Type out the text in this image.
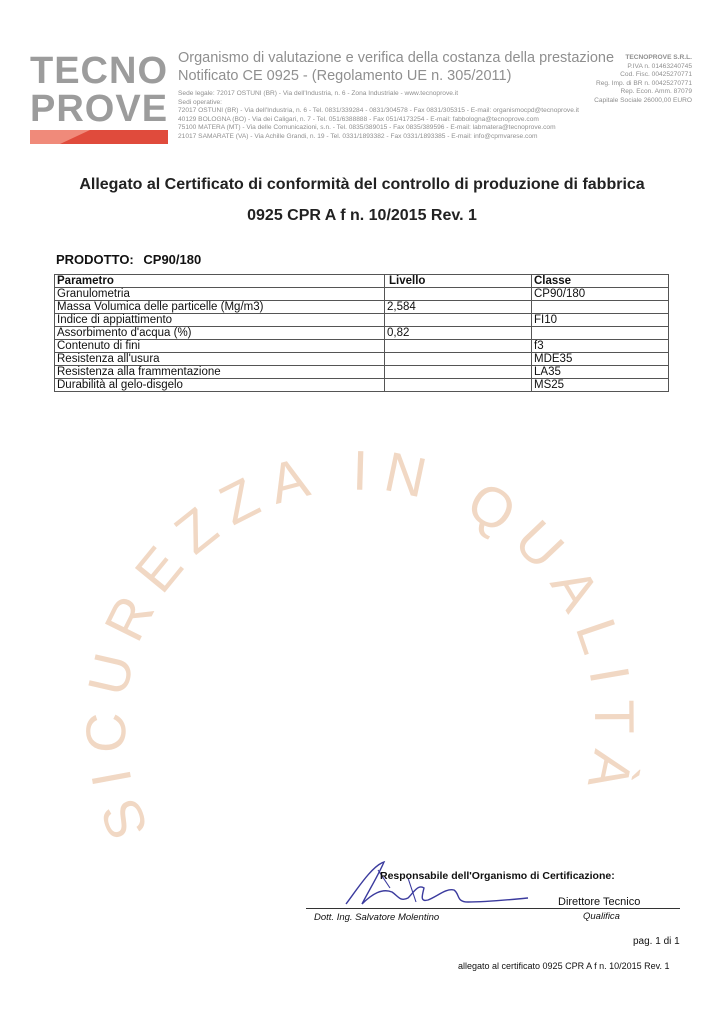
SICUREZZA IN QUALITÀ
TECNO
PROVE
Organismo di valutazione e verifica della costanza della prestazione
Notificato CE 0925 - (Regolamento UE n. 305/2011)
Sede legale: 72017 OSTUNI (BR) - Via dell'Industria, n. 6 - Zona Industriale - www.tecnoprove.it
Sedi operative:
72017 OSTUNI (BR) - Via dell'Industria, n. 6 - Tel. 0831/339284 - 0831/304578 - Fax 0831/305315 - E-mail: organismocpd@tecnoprove.it
40129 BOLOGNA (BO) - Via dei Caligari, n. 7 - Tel. 051/6388888 - Fax 051/4173254 - E-mail: fabbologna@tecnoprove.com
75100 MATERA (MT) - Via delle Comunicazioni, s.n. - Tel. 0835/389015 - Fax 0835/389596 - E-mail: labmatera@tecnoprove.com
21017 SAMARATE (VA) - Via Achille Grandi, n. 19 - Tel. 0331/1893382 - Fax 0331/1893385 - E-mail: info@cpmvarese.com
TECNOPROVE S.R.L.
P.IVA n. 01463240745
Cod. Fisc. 00425270771
Reg. Imp. di BR n. 00425270771
Rep. Econ. Amm. 87079
Capitale Sociale 26000,00 EURO
Allegato al Certificato di conformità del controllo di produzione di fabbrica
0925 CPR A f n. 10/2015 Rev. 1
PRODOTTO: CP90/180
Parametro	Livello	Classe
Granulometria		CP90/180
Massa Volumica delle particelle (Mg/m3)	2,584	
Indice di appiattimento		FI10
Assorbimento d'acqua (%)	0,82	
Contenuto di fini		f3
Resistenza all'usura		MDE35
Resistenza alla frammentazione		LA35
Durabilità al gelo-disgelo		MS25
Responsabile dell'Organismo di Certificazione:
Direttore Tecnico
Dott. Ing. Salvatore Molentino	Qualifica
pag. 1 di 1
allegato al certificato 0925 CPR A f n. 10/2015 Rev. 1
